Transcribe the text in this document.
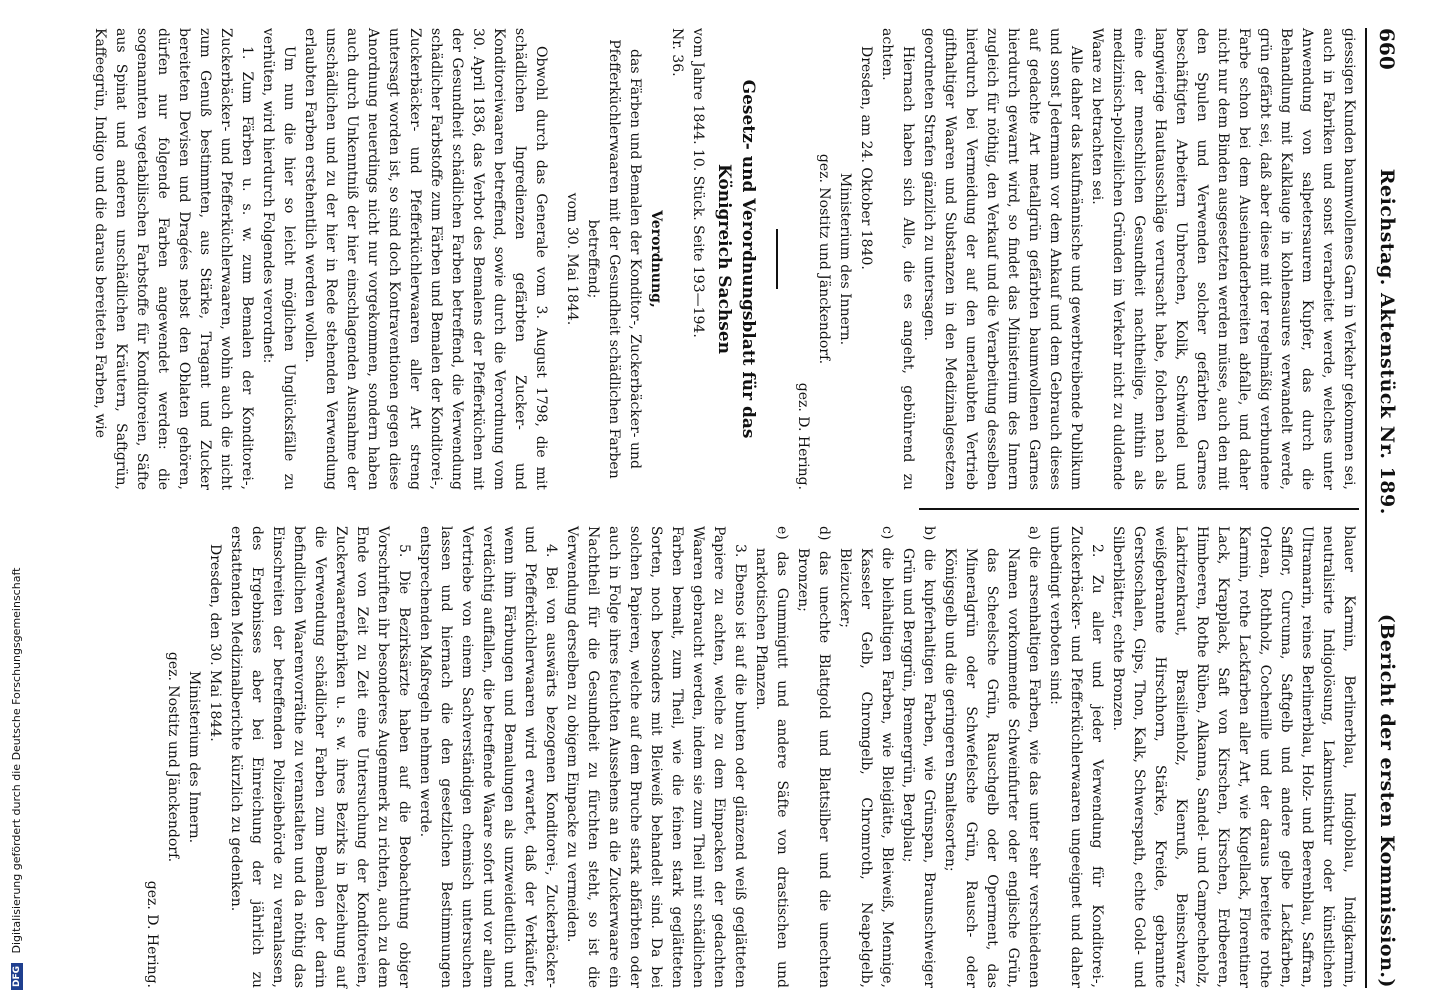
DFG Digitalisierung gefördert durch die Deutsche Forschungsgemeinschaft
660
Reichstag. Aktenstück Nr. 189.
(Bericht der ersten Kommission.)

giessigen Kunden baumwollenes Garn in Verkehr gekommen sei, auch in Fabriken und sonst verarbeitet werde, welches unter Anwendung von salpetersaurem Kupfer, das durch die Behandlung mit Kalklauge in kohlensaures verwandelt werde, grün gefärbt sei, daß aber diese mit der regelmäßig verbundene Farbe schon bei dem Auseinanderbereiten abfalle, und daher nicht nur dem Binden ausgesetzten werden müsse, auch den mit den Spulen und Verwenden solcher gefärbten Garnes beschäftigten Arbeitern Unbrechen, Kolik, Schwindel und langwierige Hautausschläge verursacht habe, folchen nach als eine der menschlichen Gesundheit nachtheilige, mithin als medizinisch-polizeilichen Gründen im Verkehr nicht zu duldende Waare zu betrachten sei.

Alle daher das kaufmännische und gewerbtreibende Publikum und sonst Jedermann vor dem Ankauf und dem Gebrauch dieses auf gedachte Art metallgrün gefärbten baumwollenen Garnes hierdurch gewarnt wird, so findet das Ministerium des Innern zugleich für nöthig, den Verkauf und die Verarbeitung desselben hierdurch bei Vermeidung der auf den unerlaubten Vertrieb gifthaltiger Waaren und Substanzen in den Medizinalgesetzen geordneten Strafen gänzlich zu untersagen.

Hiernach haben sich Alle, die es angeht, gebührend zu achten.

Dresden, am 24. Oktober 1840.

Ministerium des Innern.

gez. Nostitz und Jänckendorf.

gez. D. Hering.

Gesetz- und Verordnungsblatt für das Königreich Sachsen

vom Jahre 1844. 10. Stück. Seite 193—194.

Nr. 36.

Verordnung,

das Färben und Bemalen der Konditor-, Zuckerbäcker- und Pfefferküchlerwaaren mit der Gesundheit schädlichen Farben betreffend;

vom 30. Mai 1844.

Obwohl durch das Generale vom 3. August 1798, die mit schädlichen Ingredienzen gefärbten Zucker- und Konditoreiwaaren betreffend, sowie durch die Verordnung vom 30. April 1836, das Verbot des Bemalens der Pfefferküchen mit der Gesundheit schädlichen Farben betreffend, die Verwendung schädlicher Farbstoffe zum Färben und Bemalen der Konditorei-, Zuckerbäcker- und Pfefferküchlerwaaren aller Art streng untersagt worden ist, so sind doch Kontraventionen gegen diese Anordnung neuerdings nicht nur vorgekommen, sondern haben auch durch Unkenntniß der hier einschlagenden Ausnahme der unschädlichen und zu der hier in Rede stehenden Verwendung erlaubten Farben erstehentlich werden wollen.

Um nun die hier so leicht möglichen Unglücksfälle zu verhüten, wird hierdurch Folgendes verordnet:

1. Zum Färben u. s. w. zum Bemalen der Konditorei-, Zuckerbäcker- und Pfefferküchlerwaaren, wohin auch die nicht zum Genuß bestimmten, aus Stärke, Tragant und Zucker bereiteten Devisen und Dragées nebst den Oblaten gehören, dürfen nur folgende Farben angewendet werden: die sogenannten vegetabilischen Farbstoffe für Konditoreien, Säfte aus Spinat und anderen unschädlichen Kräutern, Saftgrün, Kaffeegrün, Indigo und die daraus bereiteten Farben, wie

blauer Karmin, Berlinerblau, Indigoblau, Indigkarmin, neutralisirte Indigolösung, Lakmustinktur oder künstlichen Ultramarin, reines Berlinerblau, Holz- und Beerenblau, Saffran, Safflor, Curcuma, Saftgelb und andere gelbe Lackfarben, Orlean, Rothholz, Cochenille und der daraus bereitete rothe Karmin, rothe Lackfarben aller Art, wie Kugellack, Florentiner Lack, Krapplack, Saft von Kirschen, Kirschen, Erdbeeren, Himbeeren, Rothe Rüben, Alkanna, Sandel- und Campecheholz, Lakritzenkraut, Brasilienholz, Kienruß, Beinschwarz, weißgebrannte Hirschhorn, Stärke, Kreide, gebrannte Gerstoschalen, Gips, Thon, Kalk, Schwerspath, echte Gold- und Silberblätter, echte Bronzen.

2. Zu aller und jeder Verwendung für Konditorei-, Zuckerbäcker- und Pfefferküchlerwaaren ungeeignet und daher unbedingt verboten sind:

a) die arsenhaltigen Farben, wie das unter sehr verschiedenen Namen vorkommende Schweinfurter oder englische Grün, das Scheelsche Grün, Rauschgelb oder Operment, das Mineralgrün oder Schwefelsche Grün, Rausch- oder Königsgelb und die geringeren Smaltesorten;

b) die kupferhaltigen Farben, wie Grünspan, Braunschweiger Grün und Berggrün, Bremergrün, Bergblau;

c) die bleihaltigen Farben, wie Bleiglätte, Bleiweiß, Mennige, Kasseler Gelb, Chromgelb, Chromroth, Neapelgelb, Bleizucker;

d) das unechte Blattgold und Blattsilber und die unechten Bronzen;

e) das Gummigutt und andere Säfte von drastischen und narkotischen Pflanzen.

3. Ebenso ist auf die bunten oder glänzend weiß geglätteten Papiere zu achten, welche zu dem Einpacken der gedachten Waaren gebraucht werden, indem sie zum Theil mit schädlichen Farben bemalt, zum Theil, wie die feinen stark geglätteten Sorten, noch besonders mit Bleiweiß behandelt sind. Da bei solchen Papieren, welche auf dem Bruche stark abfärbten oder auch in Folge ihres feuchten Aussehens an die Zuckerwaare ein Nachtheil für die Gesundheit zu fürchten steht, so ist die Verwendung derselben zu obigem Einpacke zu vermeiden.

4. Bei von auswärts bezogenen Konditorei-, Zuckerbäcker- und Pfefferküchlerwaaren wird erwartet, daß der Verkäufer, wenn ihm Färbungen und Bemalungen als unzweideutlich und verdächtig auffallen, die betreffende Waare sofort und vor allem Vertriebe von einem Sachverständigen chemisch untersuchen lassen und hiernach die den gesetzlichen Bestimmungen entsprechenden Maßregeln nehmen werde.

5. Die Bezirksärzte haben auf die Beobachtung obiger Vorschriften ihr besonderes Augenmerk zu richten, auch zu dem Ende von Zeit zu Zeit eine Untersuchung der Konditoreien, Zuckerwaarenfabriken u. s. w. ihres Bezirks in Beziehung auf die Verwendung schädlicher Farben zum Bemalen der darin befindlichen Waarenvorräthe zu veranstalten und da nöthig das Einschreiten der betreffenden Polizeibehörde zu veranlassen, des Ergebnisses aber bei Einreichung der jährlich zu erstattenden Medizinalberichte kürzlich zu gedenken.

Dresden, den 30. Mai 1844.

Ministerium des Innern.

gez. Nostitz und Jänckendorf.

gez. D. Hering.
